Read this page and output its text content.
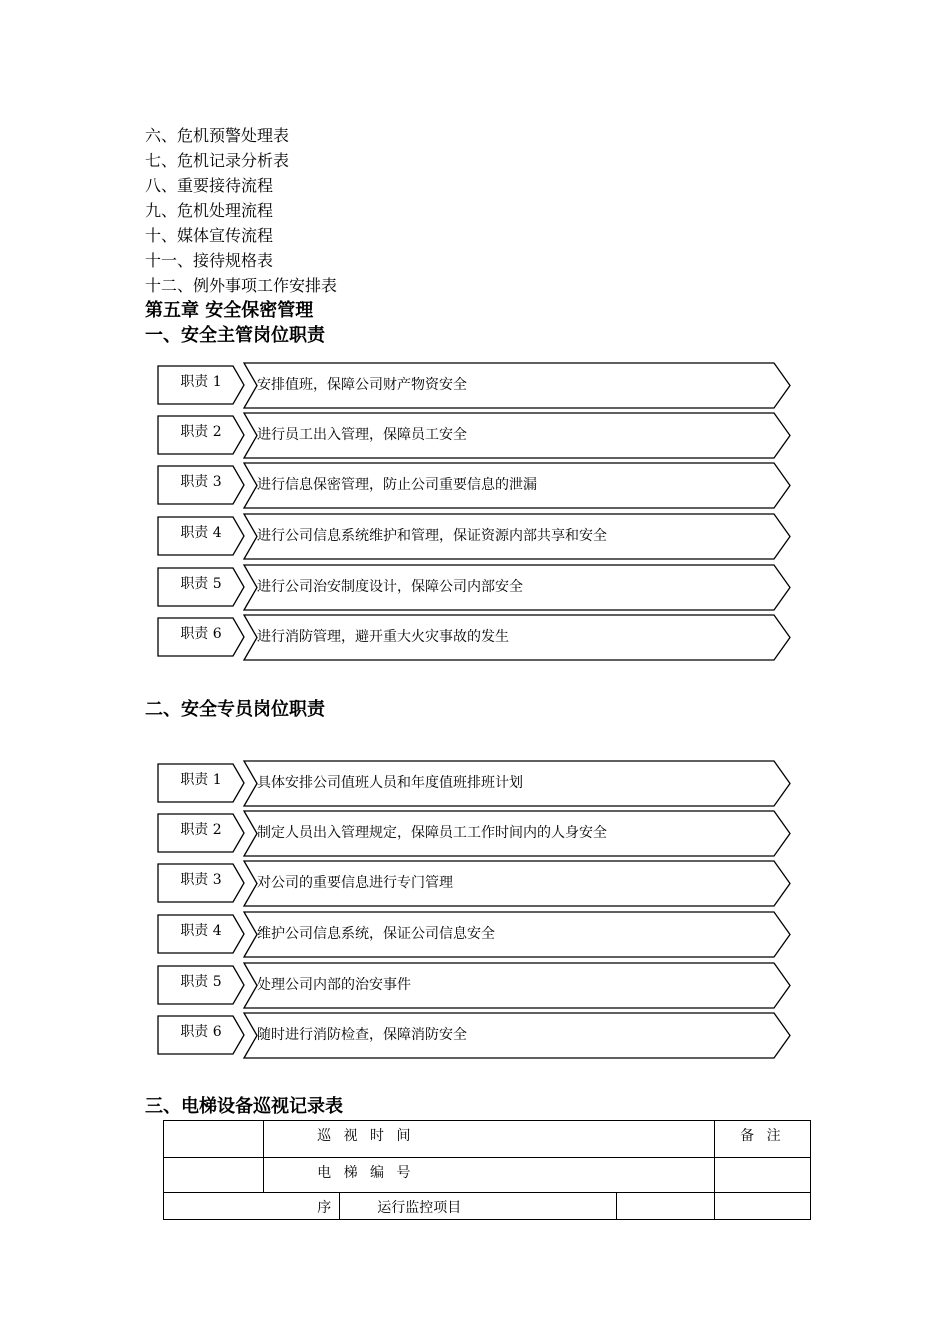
六、危机预警处理表
七、危机记录分析表
八、重要接待流程
九、危机处理流程
十、媒体宣传流程
十一、接待规格表
十二、例外事项工作安排表
第五章 安全保密管理
一、安全主管岗位职责
职责 1	安排值班，保障公司财产物资安全
职责 2	进行员工出入管理，保障员工安全
职责 3	进行信息保密管理，防止公司重要信息的泄漏
职责 4	进行公司信息系统维护和管理，保证资源内部共享和安全
职责 5	进行公司治安制度设计，保障公司内部安全
职责 6	进行消防管理，避开重大火灾事故的发生
二、安全专员岗位职责
职责 1	具体安排公司值班人员和年度值班排班计划
职责 2	制定人员出入管理规定，保障员工工作时间内的人身安全
职责 3	对公司的重要信息进行专门管理
职责 4	维护公司信息系统，保证公司信息安全
职责 5	处理公司内部的治安事件
职责 6	随时进行消防检查，保障消防安全
三、电梯设备巡视记录表
	巡 视 时 间			备 注
	电 梯 编 号			
序		运行监控项目		
